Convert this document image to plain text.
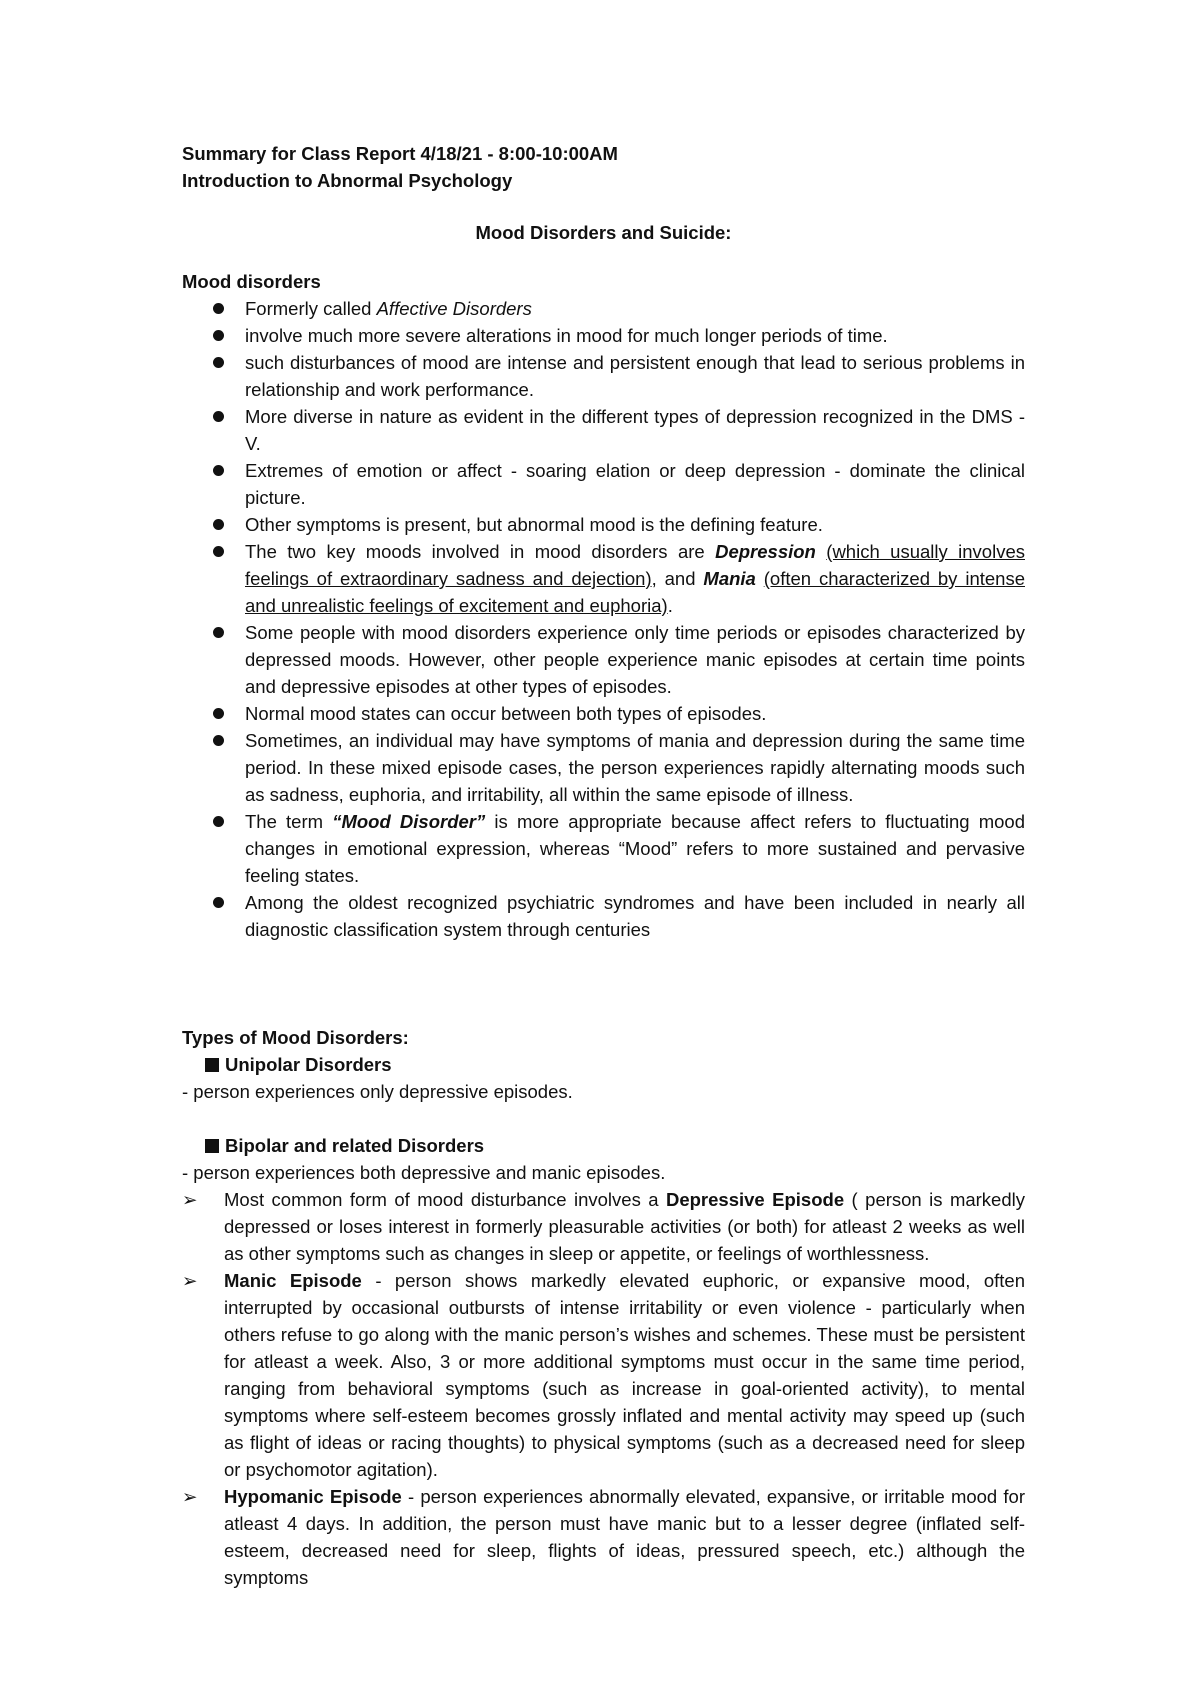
Summary for Class Report 4/18/21 - 8:00-10:00AM
Introduction to Abnormal Psychology
Mood Disorders and Suicide:
Mood disorders
Formerly called Affective Disorders
involve much more severe alterations in mood for much longer periods of time.
such disturbances of mood are intense and persistent enough that lead to serious problems in relationship and work performance.
More diverse in nature as evident in the different types of depression recognized in the DMS - V.
Extremes of emotion or affect - soaring elation or deep depression - dominate the clinical picture.
Other symptoms is present, but abnormal mood is the defining feature.
The two key moods involved in mood disorders are Depression (which usually involves feelings of extraordinary sadness and dejection), and Mania (often characterized by intense and unrealistic feelings of excitement and euphoria).
Some people with mood disorders experience only time periods or episodes characterized by depressed moods. However, other people experience manic episodes at certain time points and depressive episodes at other types of episodes.
Normal mood states can occur between both types of episodes.
Sometimes, an individual may have symptoms of mania and depression during the same time period. In these mixed episode cases, the person experiences rapidly alternating moods such as sadness, euphoria, and irritability, all within the same episode of illness.
The term “Mood Disorder” is more appropriate because affect refers to fluctuating mood changes in emotional expression, whereas “Mood” refers to more sustained and pervasive feeling states.
Among the oldest recognized psychiatric syndromes and have been included in nearly all diagnostic classification system through centuries
Types of Mood Disorders:
Unipolar Disorders
- person experiences only depressive episodes.
Bipolar and related Disorders
- person experiences both depressive and manic episodes.
➢ Most common form of mood disturbance involves a Depressive Episode ( person is markedly depressed or loses interest in formerly pleasurable activities (or both) for atleast 2 weeks as well as other symptoms such as changes in sleep or appetite, or feelings of worthlessness.
➢ Manic Episode - person shows markedly elevated euphoric, or expansive mood, often interrupted by occasional outbursts of intense irritability or even violence - particularly when others refuse to go along with the manic person’s wishes and schemes. These must be persistent for atleast a week. Also, 3 or more additional symptoms must occur in the same time period, ranging from behavioral symptoms (such as increase in goal-oriented activity), to mental symptoms where self-esteem becomes grossly inflated and mental activity may speed up (such as flight of ideas or racing thoughts) to physical symptoms (such as a decreased need for sleep or psychomotor agitation).
➢ Hypomanic Episode - person experiences abnormally elevated, expansive, or irritable mood for atleast 4 days. In addition, the person must have manic but to a lesser degree (inflated self-esteem, decreased need for sleep, flights of ideas, pressured speech, etc.) although the symptoms
